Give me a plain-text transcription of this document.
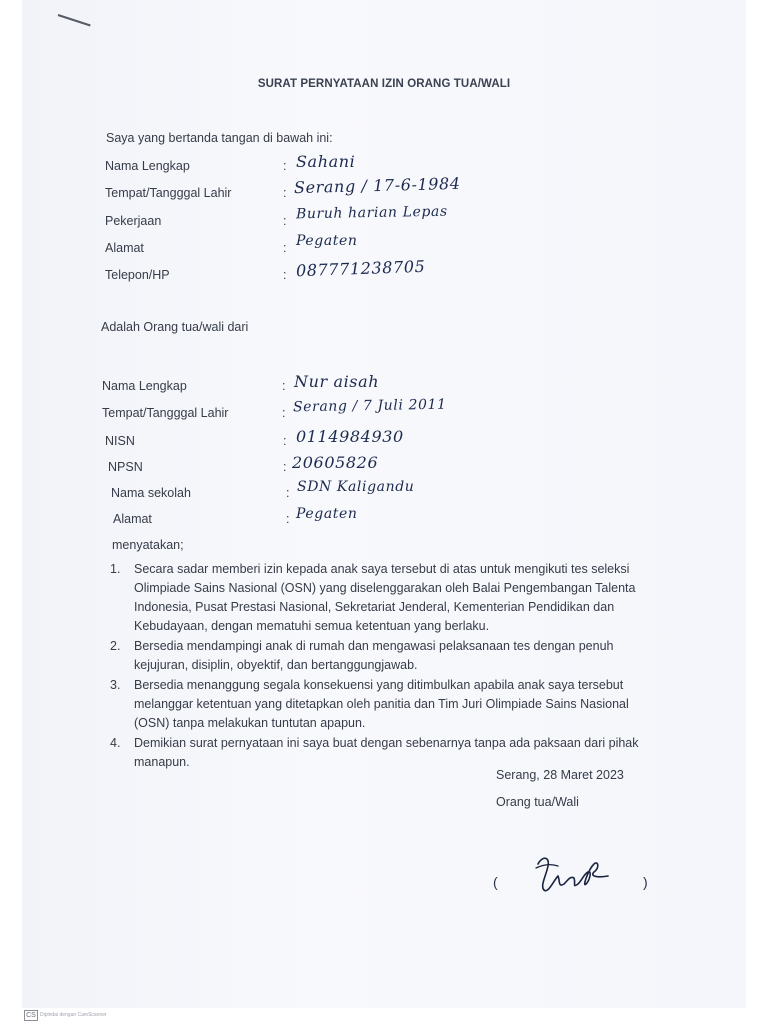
SURAT PERNYATAAN IZIN ORANG TUA/WALI
Saya yang bertanda tangan di bawah ini:
Nama Lengkap	: Sahani
Tempat/Tangggal Lahir	: Serang / 17-6-1984
Pekerjaan	: Buruh harian Lepas
Alamat	: Pegaten
Telepon/HP	: 087771238705
Adalah Orang tua/wali dari
Nama Lengkap	: Nur aisah
Tempat/Tangggal Lahir	: Serang / 7 Juli 2011
NISN	: 0114984930
NPSN	: 20605826
Nama sekolah	: SDN Kaligandu
Alamat	: Pegaten
menyatakan;
1. Secara sadar memberi izin kepada anak saya tersebut di atas untuk mengikuti tes seleksi Olimpiade Sains Nasional (OSN) yang diselenggarakan oleh Balai Pengembangan Talenta Indonesia, Pusat Prestasi Nasional, Sekretariat Jenderal, Kementerian Pendidikan dan Kebudayaan, dengan mematuhi semua ketentuan yang berlaku.
2. Bersedia mendampingi anak di rumah dan mengawasi pelaksanaan tes dengan penuh kejujuran, disiplin, obyektif, dan bertanggungjawab.
3. Bersedia menanggung segala konsekuensi yang ditimbulkan apabila anak saya tersebut melanggar ketentuan yang ditetapkan oleh panitia dan Tim Juri Olimpiade Sains Nasional (OSN) tanpa melakukan tuntutan apapun.
4. Demikian surat pernyataan ini saya buat dengan sebenarnya tanpa ada paksaan dari pihak manapun.
Serang, 28 Maret 2023
Orang tua/Wali
(	)
CS Dipindai dengan CamScanner
